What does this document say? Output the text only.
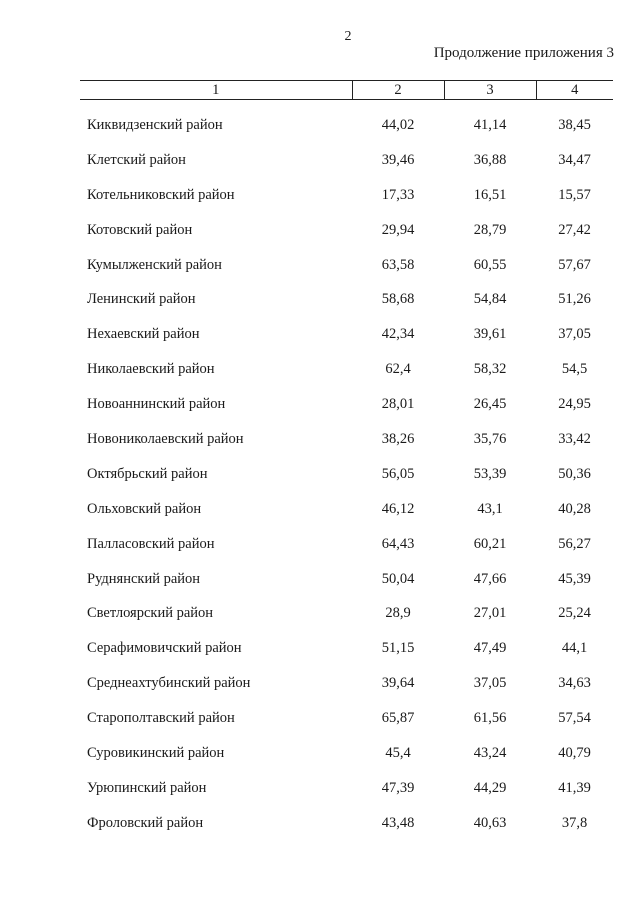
2
Продолжение приложения 3
1	2	3	4
Киквидзенский район	44,02	41,14	38,45
Клетский район	39,46	36,88	34,47
Котельниковский район	17,33	16,51	15,57
Котовский район	29,94	28,79	27,42
Кумылженский район	63,58	60,55	57,67
Ленинский район	58,68	54,84	51,26
Нехаевский район	42,34	39,61	37,05
Николаевский район	62,4	58,32	54,5
Новоаннинский район	28,01	26,45	24,95
Новониколаевский район	38,26	35,76	33,42
Октябрьский район	56,05	53,39	50,36
Ольховский район	46,12	43,1	40,28
Палласовский район	64,43	60,21	56,27
Руднянский район	50,04	47,66	45,39
Светлоярский район	28,9	27,01	25,24
Серафимовичский район	51,15	47,49	44,1
Среднеахтубинский район	39,64	37,05	34,63
Старополтавский район	65,87	61,56	57,54
Суровикинский район	45,4	43,24	40,79
Урюпинский район	47,39	44,29	41,39
Фроловский район	43,48	40,63	37,8
